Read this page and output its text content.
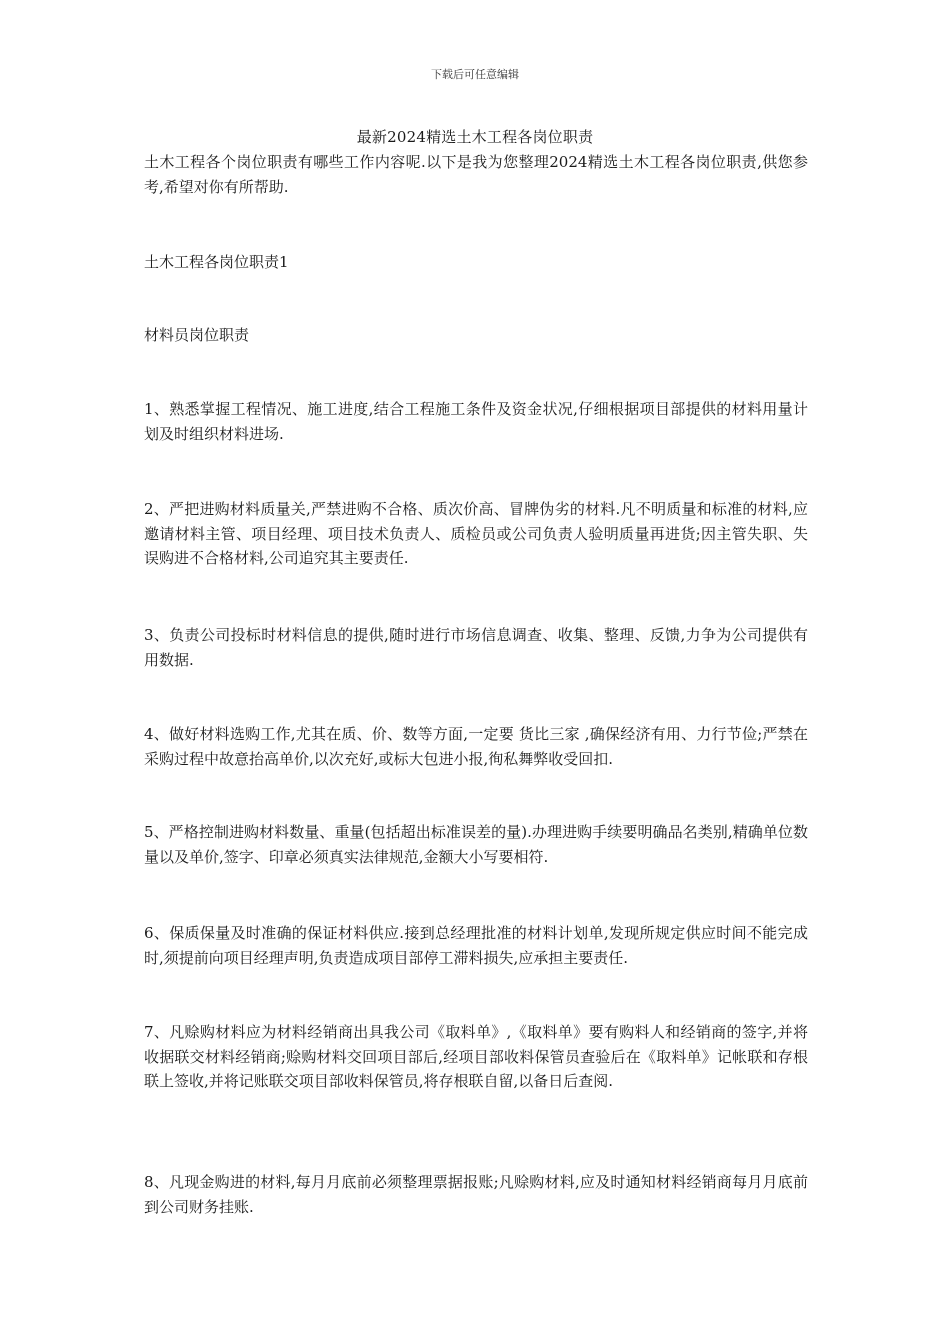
下载后可任意编辑
最新2024精选土木工程各岗位职责

土木工程各个岗位职责有哪些工作内容呢.以下是我为您整理2024精选土木工程各岗位职责,供您参考,希望对你有所帮助.

土木工程各岗位职责1

材料员岗位职责

1、熟悉掌握工程情况、施工进度,结合工程施工条件及资金状况,仔细根据项目部提供的材料用量计划及时组织材料进场.

2、严把进购材料质量关,严禁进购不合格、质次价高、冒牌伪劣的材料.凡不明质量和标准的材料,应邀请材料主管、项目经理、项目技术负责人、质检员或公司负责人验明质量再进货;因主管失职、失误购进不合格材料,公司追究其主要责任.

3、负责公司投标时材料信息的提供,随时进行市场信息调查、收集、整理、反馈,力争为公司提供有用数据.

4、做好材料选购工作,尤其在质、价、数等方面,一定要 货比三家 ,确保经济有用、力行节俭;严禁在采购过程中故意抬高单价,以次充好,或标大包进小报,徇私舞弊收受回扣.

5、严格控制进购材料数量、重量(包括超出标准误差的量).办理进购手续要明确品名类别,精确单位数量以及单价,签字、印章必须真实法律规范,金额大小写要相符.

6、保质保量及时准确的保证材料供应.接到总经理批准的材料计划单,发现所规定供应时间不能完成时,须提前向项目经理声明,负责造成项目部停工滞料损失,应承担主要责任.

7、凡赊购材料应为材料经销商出具我公司《取料单》,《取料单》要有购料人和经销商的签字,并将收据联交材料经销商;赊购材料交回项目部后,经项目部收料保管员查验后在《取料单》记帐联和存根联上签收,并将记账联交项目部收料保管员,将存根联自留,以备日后查阅.

8、凡现金购进的材料,每月月底前必须整理票据报账;凡赊购材料,应及时通知材料经销商每月月底前到公司财务挂账.
